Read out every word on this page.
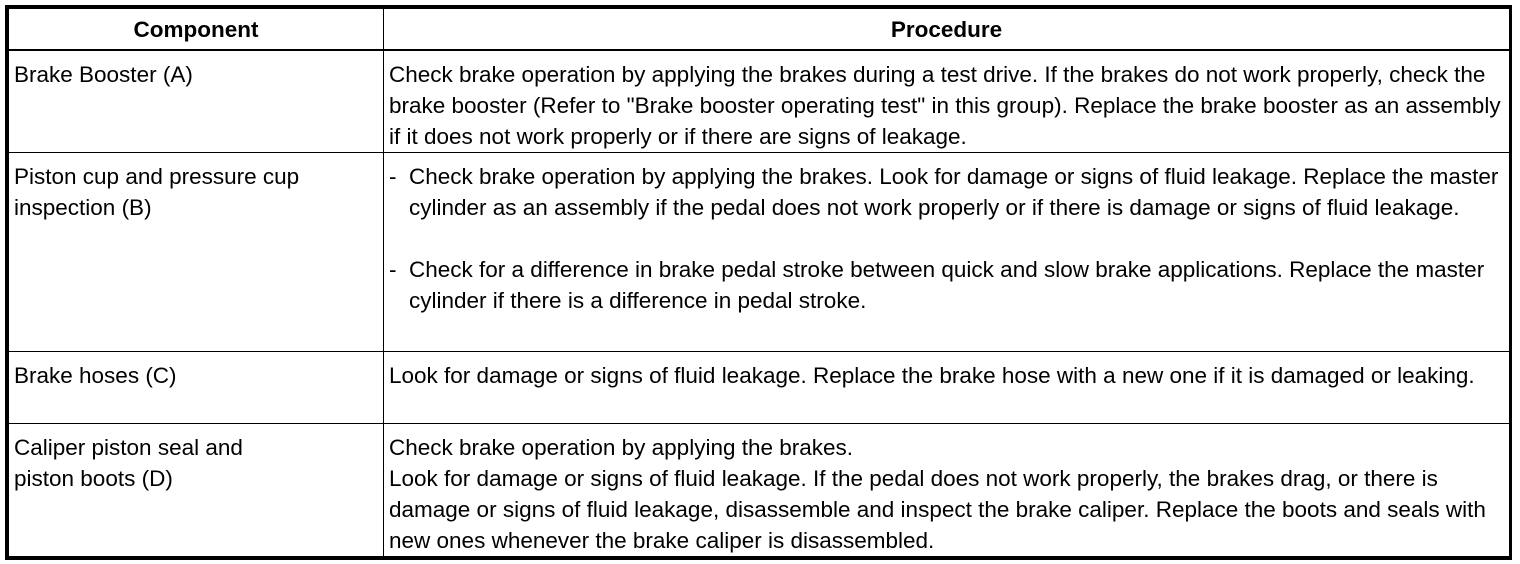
Component	Procedure
Brake Booster (A)	Check brake operation by applying the brakes during a test drive. If the brakes do not work properly, check the brake booster (Refer to "Brake booster operating test" in this group). Replace the brake booster as an assembly if it does not work properly or if there are signs of leakage.

Piston cup and pressure cup inspection (B)	- Check brake operation by applying the brakes. Look for damage or signs of fluid leakage. Replace the master cylinder as an assembly if the pedal does not work properly or if there is damage or signs of fluid leakage.
- Check for a difference in brake pedal stroke between quick and slow brake applications. Replace the master cylinder if there is a difference in pedal stroke.

Brake hoses (C)	Look for damage or signs of fluid leakage. Replace the brake hose with a new one if it is damaged or leaking.

Caliper piston seal and piston boots (D)	Check brake operation by applying the brakes.
Look for damage or signs of fluid leakage. If the pedal does not work properly, the brakes drag, or there is damage or signs of fluid leakage, disassemble and inspect the brake caliper. Replace the boots and seals with new ones whenever the brake caliper is disassembled.
